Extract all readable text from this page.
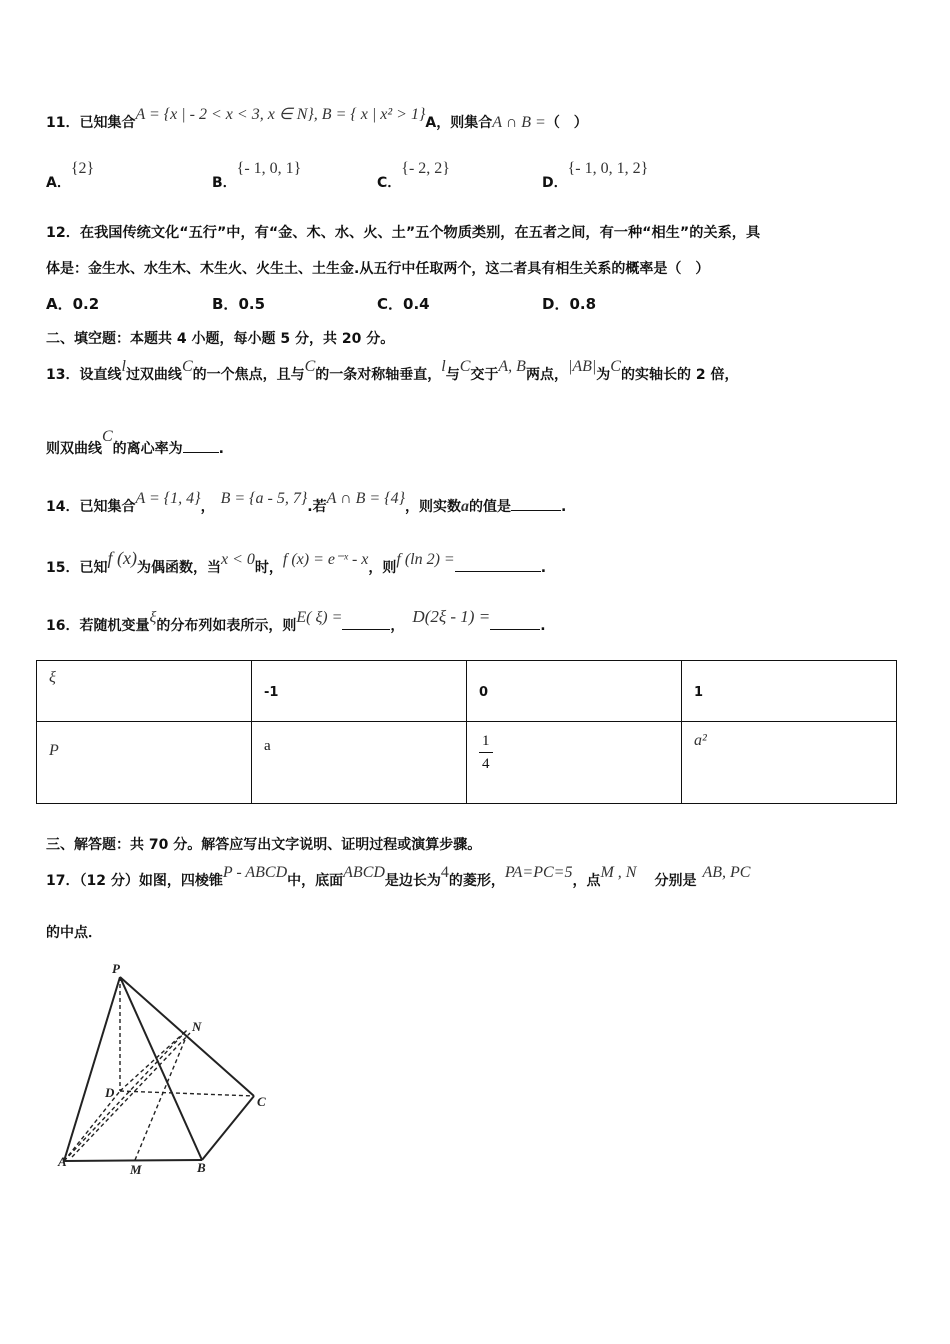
11．已知集合A = {x | - 2 < x < 3, x ∈ N}, B = { x | x² > 1}A，则集合A ∩ B =（　）
A．{2}
B．{- 1, 0, 1}
C．{- 2, 2}
D．{- 1, 0, 1, 2}
12．在我国传统文化“五行”中，有“金、木、水、火、土”五个物质类别，在五者之间，有一种“相生”的关系，具
体是：金生水、水生木、木生火、火生土、土生金.从五行中任取两个，这二者具有相生关系的概率是（　）
A．0.2	B．0.5	C．0.4	D．0.8
二、填空题：本题共 4 小题，每小题 5 分，共 20 分。
13．设直线l过双曲线C的一个焦点，且与C的一条对称轴垂直，l与C交于A, B两点，|AB|为C的实轴长的 2 倍，
则双曲线C的离心率为	.
14．已知集合A = {1, 4}， B = {a - 5, 7}.若A ∩ B = {4}，则实数a的值是	.
15．已知f (x)为偶函数，当x < 0时，f (x) = e⁻ˣ - x，则f (ln 2) =	.
16．若随机变量ξ的分布列如表所示，则E( ξ) =	， D(2ξ - 1) =	.
ξ	-1	0	1
P	a	$\frac{1}{4}$	a²
三、解答题：共 70 分。解答应写出文字说明、证明过程或演算步骤。
17．（12 分）如图，四棱锥P - ABCD中，底面ABCD是边长为4的菱形，PA=PC=5，点M , N 分别是 AB, PC
的中点．
P
N
D
C
A
M	B
